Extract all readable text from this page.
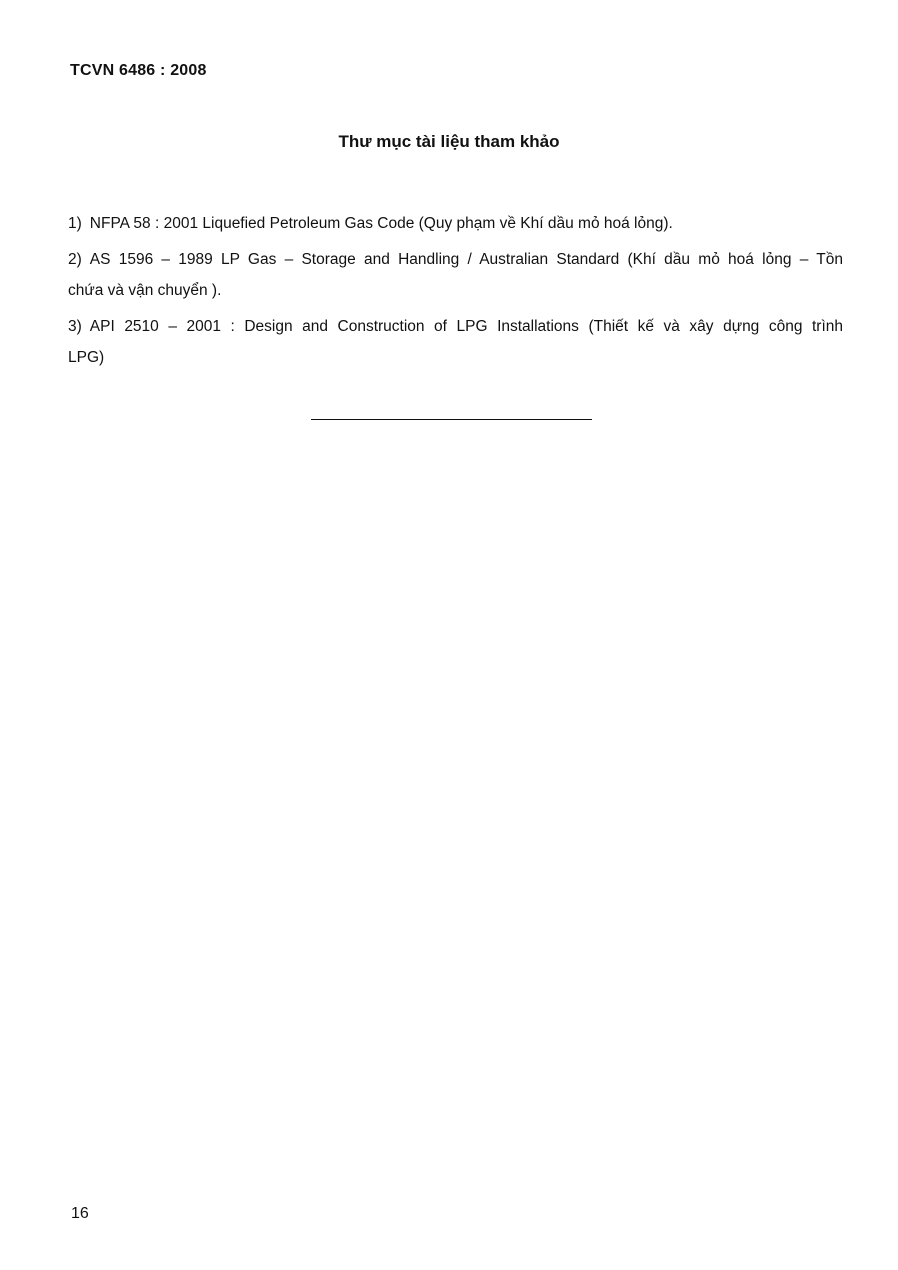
TCVN 6486 : 2008
Thư mục tài liệu tham khảo
1) NFPA 58 : 2001 Liquefied Petroleum Gas Code (Quy phạm về Khí dầu mỏ hoá lỏng).
2) AS 1596 – 1989 LP Gas – Storage and Handling / Australian Standard (Khí dầu mỏ hoá lỏng – Tồn
chứa và vận chuyển ).
3) API 2510 – 2001 : Design and Construction of LPG Installations (Thiết kế và xây dựng công trình
LPG)
16
